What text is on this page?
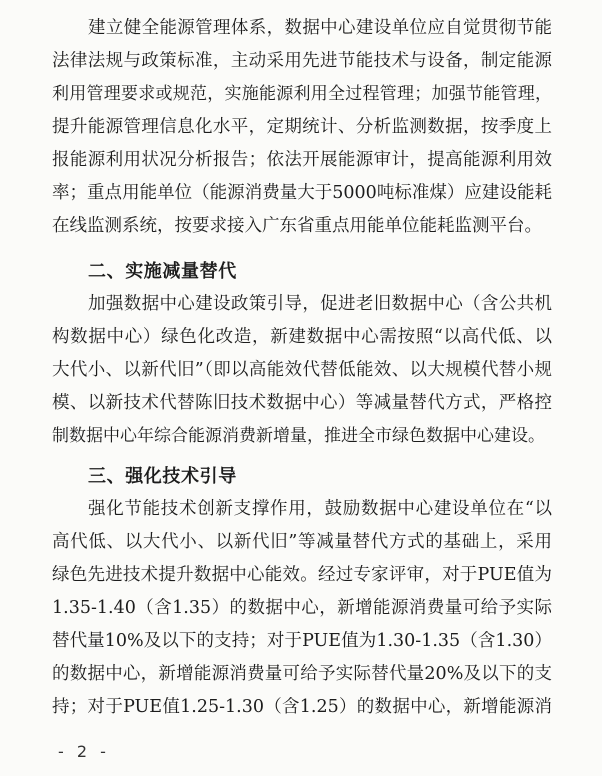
建立健全能源管理体系，数据中心建设单位应自觉贯彻节能
法律法规与政策标准，主动采用先进节能技术与设备，制定能源
利用管理要求或规范，实施能源利用全过程管理；加强节能管理，
提升能源管理信息化水平，定期统计、分析监测数据，按季度上
报能源利用状况分析报告；依法开展能源审计，提高能源利用效
率；重点用能单位（能源消费量大于5000吨标准煤）应建设能耗
在线监测系统，按要求接入广东省重点用能单位能耗监测平台。
二、实施减量替代
加强数据中心建设政策引导，促进老旧数据中心（含公共机
构数据中心）绿色化改造，新建数据中心需按照“以高代低、以
大代小、以新代旧”（即以高能效代替低能效、以大规模代替小规
模、以新技术代替陈旧技术数据中心）等减量替代方式，严格控
制数据中心年综合能源消费新增量，推进全市绿色数据中心建设。
三、强化技术引导
强化节能技术创新支撑作用，鼓励数据中心建设单位在“以
高代低、以大代小、以新代旧”等减量替代方式的基础上，采用
绿色先进技术提升数据中心能效。经过专家评审，对于PUE值为
1.35-1.40（含1.35）的数据中心，新增能源消费量可给予实际
替代量10%及以下的支持；对于PUE值为1.30-1.35（含1.30）
的数据中心，新增能源消费量可给予实际替代量20%及以下的支
持；对于PUE值1.25-1.30（含1.25）的数据中心，新增能源消
- 2 -
